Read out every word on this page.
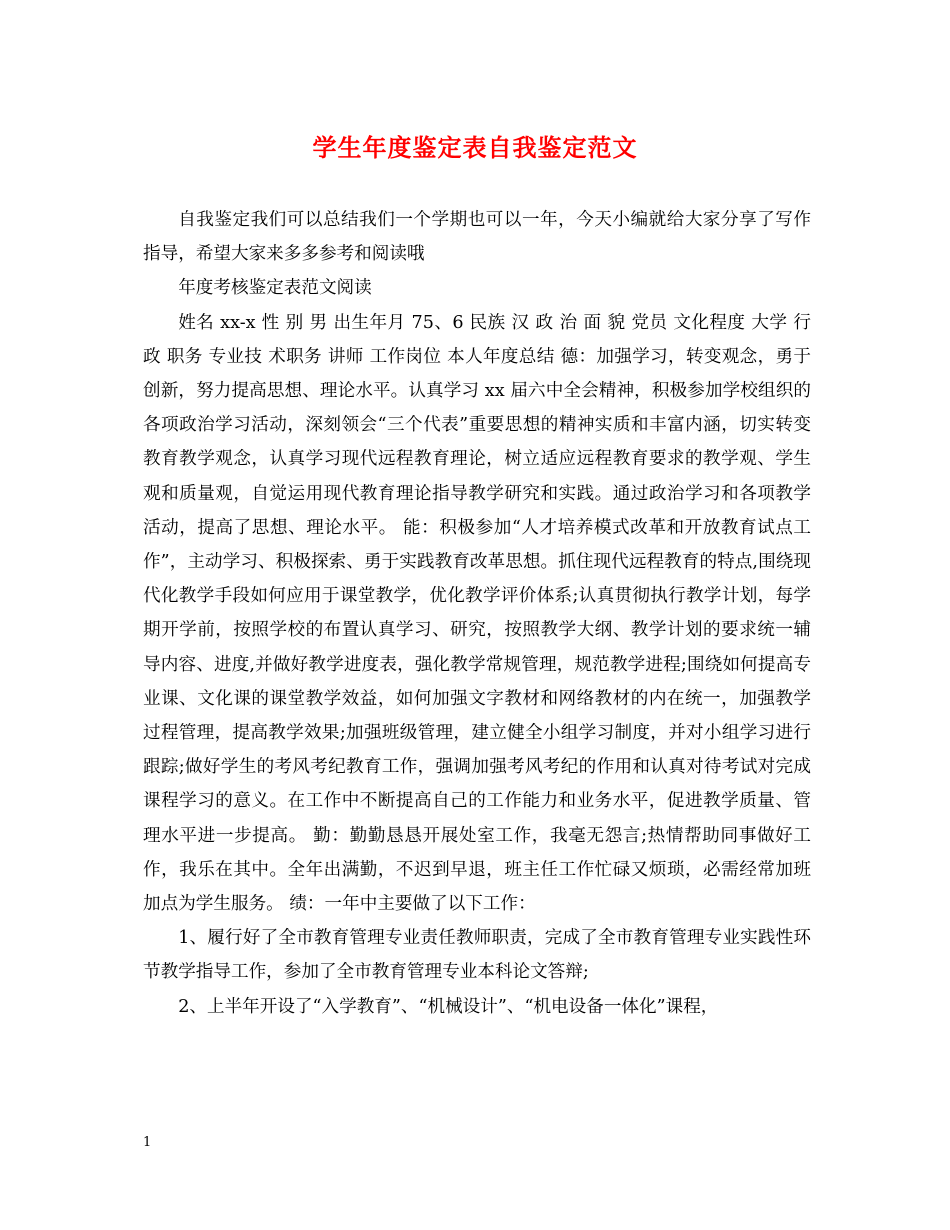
学生年度鉴定表自我鉴定范文

自我鉴定我们可以总结我们一个学期也可以一年，今天小编就给大家分享了写作指导，希望大家来多多参考和阅读哦

年度考核鉴定表范文阅读

姓名 xx-x 性 别 男 出生年月 75、6 民族 汉 政 治 面 貌 党员 文化程度 大学 行政 职务 专业技 术职务 讲师 工作岗位 本人年度总结 德：加强学习，转变观念，勇于创新，努力提高思想、理论水平。认真学习 xx 届六中全会精神，积极参加学校组织的各项政治学习活动，深刻领会“三个代表”重要思想的精神实质和丰富内涵，切实转变教育教学观念，认真学习现代远程教育理论，树立适应远程教育要求的教学观、学生观和质量观，自觉运用现代教育理论指导教学研究和实践。通过政治学习和各项教学活动，提高了思想、理论水平。 能：积极参加“人才培养模式改革和开放教育试点工作”，主动学习、积极探索、勇于实践教育改革思想。抓住现代远程教育的特点,围绕现代化教学手段如何应用于课堂教学，优化教学评价体系;认真贯彻执行教学计划，每学期开学前，按照学校的布置认真学习、研究，按照教学大纲、教学计划的要求统一辅导内容、进度,并做好教学进度表，强化教学常规管理，规范教学进程;围绕如何提高专业课、文化课的课堂教学效益，如何加强文字教材和网络教材的内在统一，加强教学过程管理，提高教学效果;加强班级管理，建立健全小组学习制度，并对小组学习进行跟踪;做好学生的考风考纪教育工作，强调加强考风考纪的作用和认真对待考试对完成课程学习的意义。在工作中不断提高自己的工作能力和业务水平，促进教学质量、管理水平进一步提高。 勤：勤勤恳恳开展处室工作，我毫无怨言;热情帮助同事做好工作，我乐在其中。全年出满勤，不迟到早退，班主任工作忙碌又烦琐，必需经常加班加点为学生服务。 绩：一年中主要做了以下工作：

1、履行好了全市教育管理专业责任教师职责，完成了全市教育管理专业实践性环节教学指导工作，参加了全市教育管理专业本科论文答辩;

2、上半年开设了“入学教育”、“机械设计”、“机电设备一体化”课程，

1
